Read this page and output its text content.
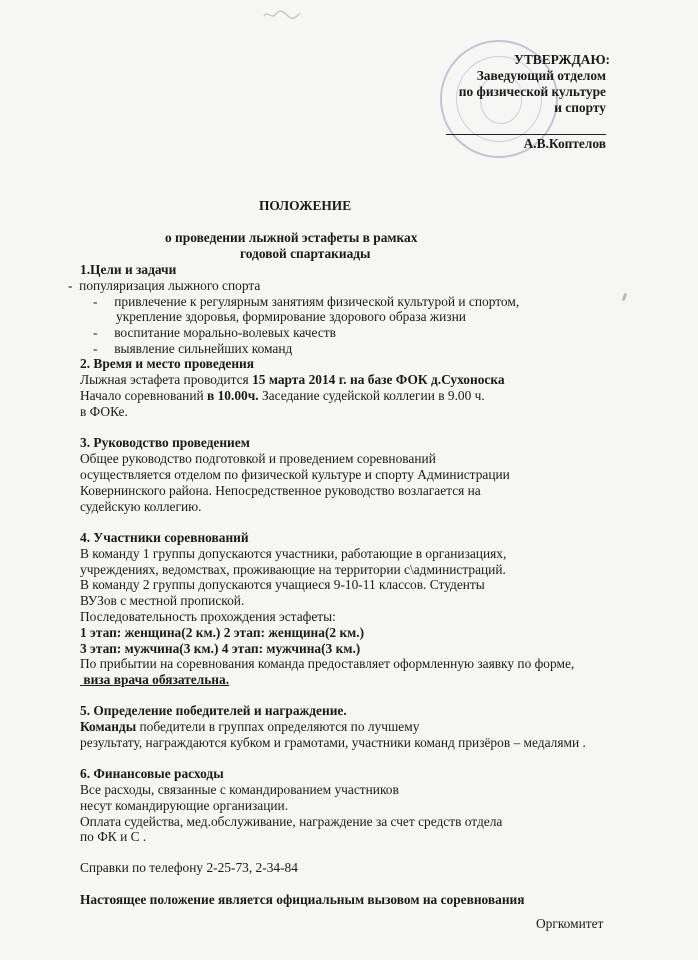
УТВЕРЖДАЮ:
Заведующий отделом
по физической культуре
и спорту
А.В.Коптелов
ПОЛОЖЕНИЕ
о проведении лыжной эстафеты в рамках
годовой спартакиады
1.Цели и задачи
-  популяризация лыжного спорта
-     привлечение к регулярным занятиям физической культурой и спортом,
укрепление здоровья, формирование здорового образа жизни
-     воспитание морально-волевых качеств
-     выявление сильнейших команд
2. Время и место проведения
Лыжная эстафета проводится 15 марта 2014 г. на базе ФОК д.Сухоноска
Начало соревнований в 10.00ч. Заседание судейской коллегии в 9.00 ч.
в ФОКе.
3. Руководство проведением
Общее руководство подготовкой и проведением соревнований
осуществляется отделом по физической культуре и спорту Администрации
Ковернинского района. Непосредственное руководство возлагается на
судейскую коллегию.
4. Участники соревнований
В команду 1 группы допускаются участники, работающие в организациях,
учреждениях, ведомствах, проживающие на территории с\администраций.
В команду 2 группы допускаются учащиеся 9-10-11 классов. Студенты
ВУЗов с местной пропиской.
Последовательность прохождения эстафеты:
1 этап: женщина(2 км.) 2 этап: женщина(2 км.)
3 этап: мужчина(3 км.) 4 этап: мужчина(3 км.)
По прибытии на соревнования команда предоставляет оформленную заявку по форме,
виза врача обязательна.
5. Определение победителей и награждение.
Команды победители в группах определяются по лучшему
результату, награждаются кубком и грамотами, участники команд призёров – медалями .
6. Финансовые расходы
Все расходы, связанные с командированием участников
несут командирующие организации.
Оплата судейства, мед.обслуживание, награждение за счет средств отдела
по ФК и С .
Справки по телефону 2-25-73, 2-34-84
Настоящее положение является официальным вызовом на соревнования
Оргкомитет
